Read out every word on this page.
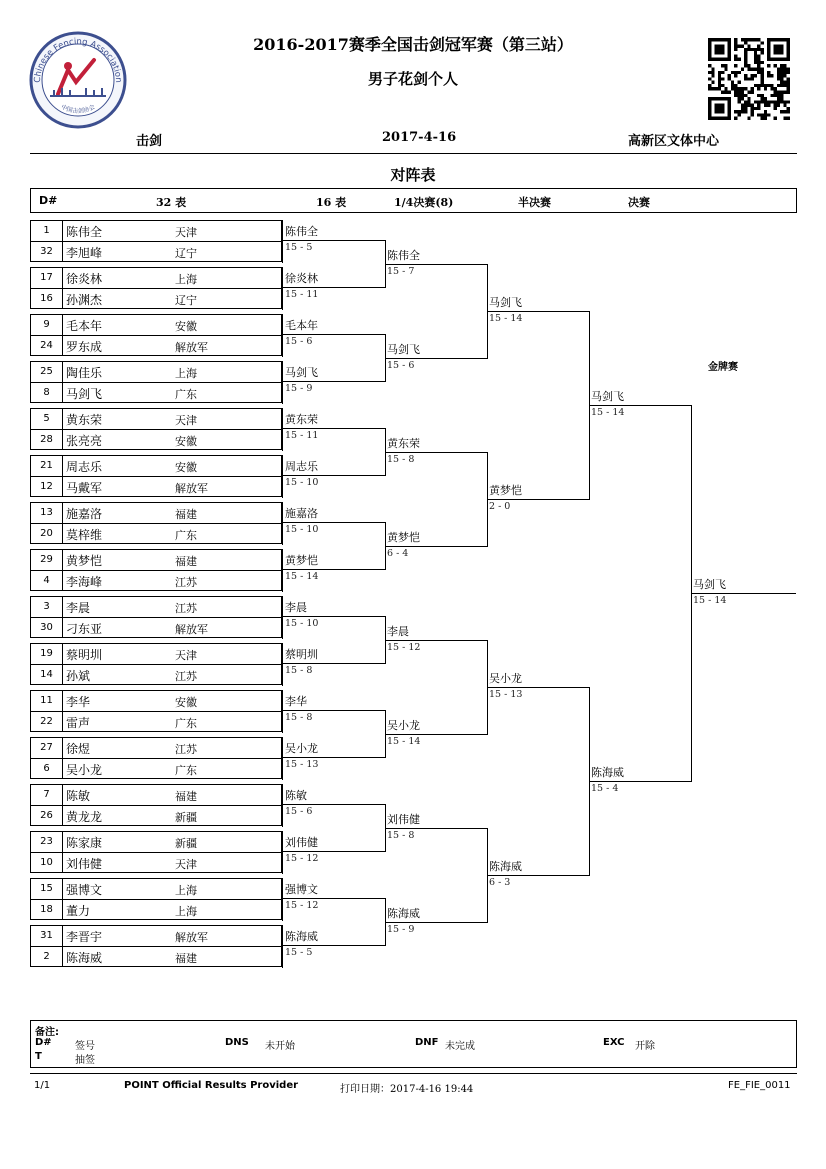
Chinese Fencing Association
中国击剑协会
2016-2017赛季全国击剑冠军赛（第三站）
男子花剑个人
击剑	2017-4-16	高新区文体中心
对阵表
D#	32 表	16 表	1/4决赛(8)	半决赛	决赛
1	陈伟全	天津
32	李旭峰	辽宁
17	徐炎林	上海
16	孙渊杰	辽宁
9	毛本年	安徽
24	罗东成	解放军
25	陶佳乐	上海
8	马剑飞	广东
5	黄东荣	天津
28	张亮亮	安徽
21	周志乐	安徽
12	马戴军	解放军
13	施嘉洛	福建
20	莫梓维	广东
29	黄梦恺	福建
4	李海峰	江苏
3	李晨	江苏
30	刁东亚	解放军
19	蔡明圳	天津
14	孙斌	江苏
11	李华	安徽
22	雷声	广东
27	徐煜	江苏
6	吴小龙	广东
7	陈敏	福建
26	黄龙龙	新疆
23	陈家康	新疆
10	刘伟健	天津
15	强博文	上海
18	董力	上海
31	李晋宇	解放军
2	陈海威	福建
陈伟全
15 - 5
徐炎林
15 - 11
毛本年
15 - 6
马剑飞
15 - 9
黄东荣
15 - 11
周志乐
15 - 10
施嘉洛
15 - 10
黄梦恺
15 - 14
李晨
15 - 10
蔡明圳
15 - 8
李华
15 - 8
吴小龙
15 - 13
陈敏
15 - 6
刘伟健
15 - 12
强博文
15 - 12
陈海威
15 - 5
陈伟全
15 - 7
马剑飞
15 - 6
黄东荣
15 - 8
黄梦恺
6 - 4
李晨
15 - 12
吴小龙
15 - 14
刘伟健
15 - 8
陈海威
15 - 9
马剑飞
15 - 14
黄梦恺
2 - 0
吴小龙
15 - 13
陈海威
6 - 3
马剑飞
15 - 14
陈海威
15 - 4
马剑飞
15 - 14
金牌赛
备注:
D# 签号	DNS 未开始	DNF 未完成	EXC 开除
T	抽签
1/1	POINT Official Results Provider	打印日期：2017-4-16 19:44	FE_FIE_0011
